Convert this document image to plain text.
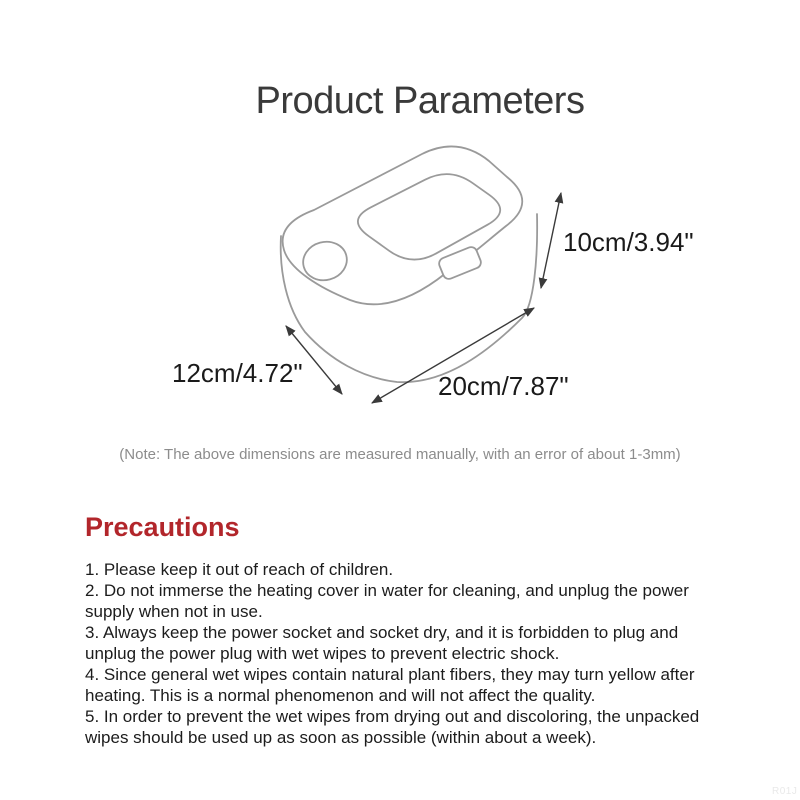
Product Parameters
10cm/3.94"
12cm/4.72"	20cm/7.87"
(Note: The above dimensions are measured manually, with an error of about 1-3mm)
Precautions
1. Please keep it out of reach of children.
2. Do not immerse the heating cover in water for cleaning, and unplug the power
supply when not in use.
3. Always keep the power socket and socket dry, and it is forbidden to plug and
unplug the power plug with wet wipes to prevent electric shock.
4. Since general wet wipes contain natural plant fibers, they may turn yellow after
heating. This is a normal phenomenon and will not affect the quality.
5. In order to prevent the wet wipes from drying out and discoloring, the unpacked
wipes should be used up as soon as possible (within about a week).
R01J
